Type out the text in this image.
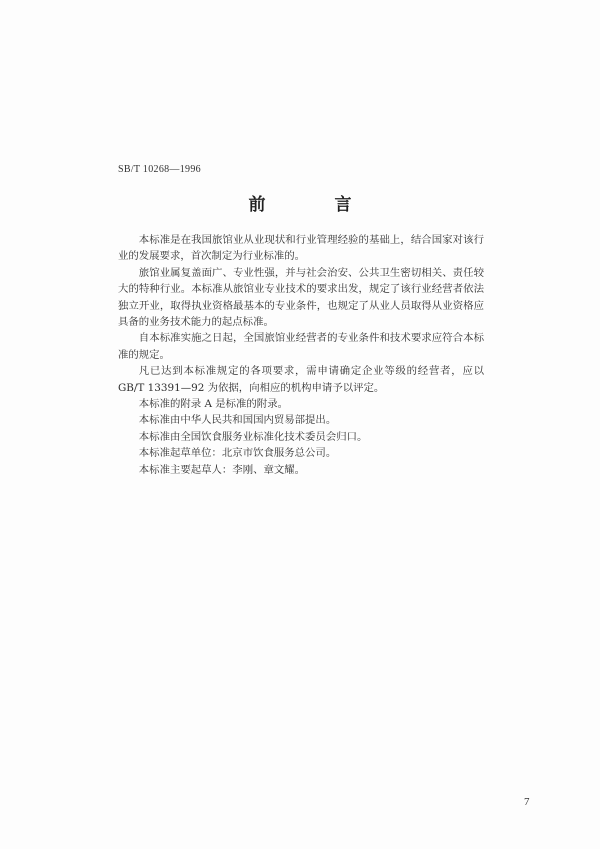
SB/T 10268—1996
前　言

本标准是在我国旅馆业从业现状和行业管理经验的基础上，结合国家对该行业的发展要求，首次制定为行业标准的。

旅馆业属复盖面广、专业性强，并与社会治安、公共卫生密切相关、责任较大的特种行业。本标准从旅馆业专业技术的要求出发，规定了该行业经营者依法独立开业，取得执业资格最基本的专业条件，也规定了从业人员取得从业资格应具备的业务技术能力的起点标准。

自本标准实施之日起，全国旅馆业经营者的专业条件和技术要求应符合本标准的规定。

凡已达到本标准规定的各项要求，需申请确定企业等级的经营者，应以 GB/T 13391—92 为依据，向相应的机构申请予以评定。

本标准的附录 A 是标准的附录。

本标准由中华人民共和国国内贸易部提出。

本标准由全国饮食服务业标准化技术委员会归口。

本标准起草单位：北京市饮食服务总公司。

本标准主要起草人：李刚、章文耀。

7
